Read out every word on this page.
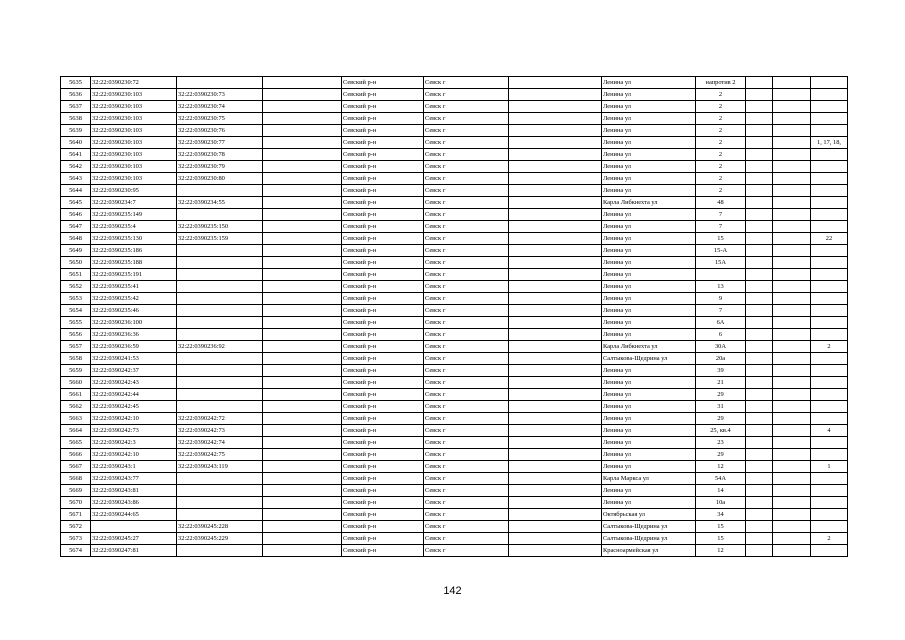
5635	32:22:0390230:72			Севский р-н	Севск г		Ленина ул	напротив 2			
5636	32:22:0390230:103	32:22:0390230:73		Севский р-н	Севск г		Ленина ул	2			
5637	32:22:0390230:103	32:22:0390230:74		Севский р-н	Севск г		Ленина ул	2			
5638	32:22:0390230:103	32:22:0390230:75		Севский р-н	Севск г		Ленина ул	2			
5639	32:22:0390230:103	32:22:0390230:76		Севский р-н	Севск г		Ленина ул	2			
5640	32:22:0390230:103	32:22:0390230:77		Севский р-н	Севск г		Ленина ул	2			1, 17, 18,
5641	32:22:0390230:103	32:22:0390230:78		Севский р-н	Севск г		Ленина ул	2			
5642	32:22:0390230:103	32:22:0390230:79		Севский р-н	Севск г		Ленина ул	2			
5643	32:22:0390230:103	32:22:0390230:80		Севский р-н	Севск г		Ленина ул	2			
5644	32:22:0390230:95			Севский р-н	Севск г		Ленина ул	2			
5645	32:22:0390234:7	32:22:0390234:55		Севский р-н	Севск г		Карла Либкнехта ул	48			
5646	32:22:0390235:149			Севский р-н	Севск г		Ленина ул	7			
5647	32:22:0390235:4	32:22:0390235:150		Севский р-н	Севск г		Ленина ул	7			
5648	32:22:0390235:130	32:22:0390235:159		Севский р-н	Севск г		Ленина ул	15			22
5649	32:22:0390235:186			Севский р-н	Севск г		Ленина ул	15-А			
5650	32:22:0390235:188			Севский р-н	Севск г		Ленина ул	15А			
5651	32:22:0390235:191			Севский р-н	Севск г		Ленина ул				
5652	32:22:0390235:41			Севский р-н	Севск г		Ленина ул	13			
5653	32:22:0390235:42			Севский р-н	Севск г		Ленина ул	9			
5654	32:22:0390235:46			Севский р-н	Севск г		Ленина ул	7			
5655	32:22:0390236:100			Севский р-н	Севск г		Ленина ул	6А			
5656	32:22:0390236:36			Севский р-н	Севск г		Ленина ул	6			
5657	32:22:0390236:59	32:22:0390236:92		Севский р-н	Севск г		Карла Либкнехта ул	30А			2
5658	32:22:0390241:53			Севский р-н	Севск г		Салтыкова-Щедрина ул	20а			
5659	32:22:0390242:37			Севский р-н	Севск г		Ленина ул	39			
5660	32:22:0390242:43			Севский р-н	Севск г		Ленина ул	21			
5661	32:22:0390242:44			Севский р-н	Севск г		Ленина ул	29			
5662	32:22:0390242:45			Севский р-н	Севск г		Ленина ул	31			
5663	32:22:0390242:10	32:22:0390242:72		Севский р-н	Севск г		Ленина ул	29			
5664	32:22:0390242:73	32:22:0390242:73		Севский р-н	Севск г		Ленина ул	25, кв.4			4
5665	32:22:0390242:3	32:22:0390242:74		Севский р-н	Севск г		Ленина ул	23			
5666	32:22:0390242:10	32:22:0390242:75		Севский р-н	Севск г		Ленина ул	29			
5667	32:22:0390243:1	32:22:0390243:119		Севский р-н	Севск г		Ленина ул	12			1
5668	32:22:0390243:77			Севский р-н	Севск г		Карла Маркса ул	54А			
5669	32:22:0390243:81			Севский р-н	Севск г		Ленина ул	14			
5670	32:22:0390243:86			Севский р-н	Севск г		Ленина ул	10а			
5671	32:22:0390244:65			Севский р-н	Севск г		Октябрьская ул	34			
5672		32:22:0390245:228		Севский р-н	Севск г		Салтыкова-Щедрина ул	15			
5673	32:22:0390245:27	32:22:0390245:229		Севский р-н	Севск г		Салтыкова-Щедрина ул	15			2
5674	32:22:0390247:81			Севский р-н	Севск г		Красноармейская ул	12			
142
